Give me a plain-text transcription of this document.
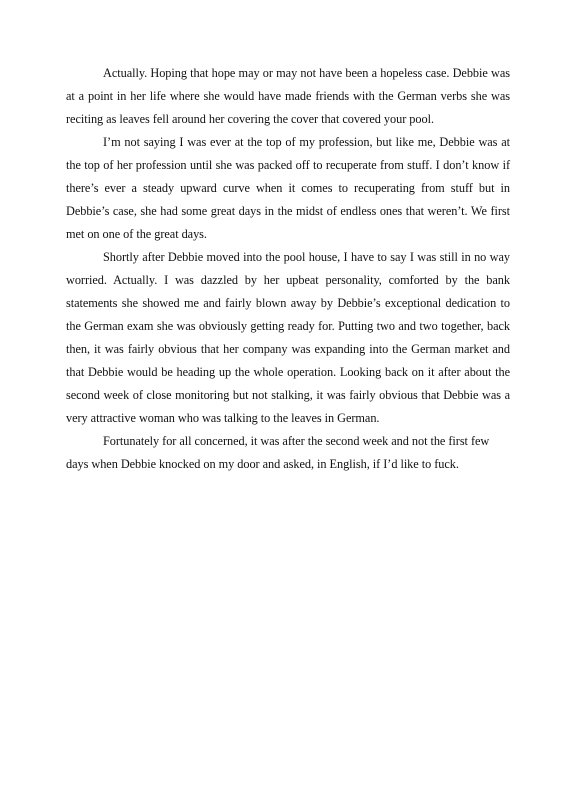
Actually. Hoping that hope may or may not have been a hopeless case. Debbie was at a point in her life where she would have made friends with the German verbs she was reciting as leaves fell around her covering the cover that covered your pool.

I’m not saying I was ever at the top of my profession, but like me, Debbie was at the top of her profession until she was packed off to recuperate from stuff. I don’t know if there’s ever a steady upward curve when it comes to recuperating from stuff but in Debbie’s case, she had some great days in the midst of endless ones that weren’t. We first met on one of the great days.

Shortly after Debbie moved into the pool house, I have to say I was still in no way worried. Actually. I was dazzled by her upbeat personality, comforted by the bank statements she showed me and fairly blown away by Debbie’s exceptional dedication to the German exam she was obviously getting ready for. Putting two and two together, back then, it was fairly obvious that her company was expanding into the German market and that Debbie would be heading up the whole operation. Looking back on it after about the second week of close monitoring but not stalking, it was fairly obvious that Debbie was a very attractive woman who was talking to the leaves in German.

Fortunately for all concerned, it was after the second week and not the first few days when Debbie knocked on my door and asked, in English, if I’d like to fuck.
